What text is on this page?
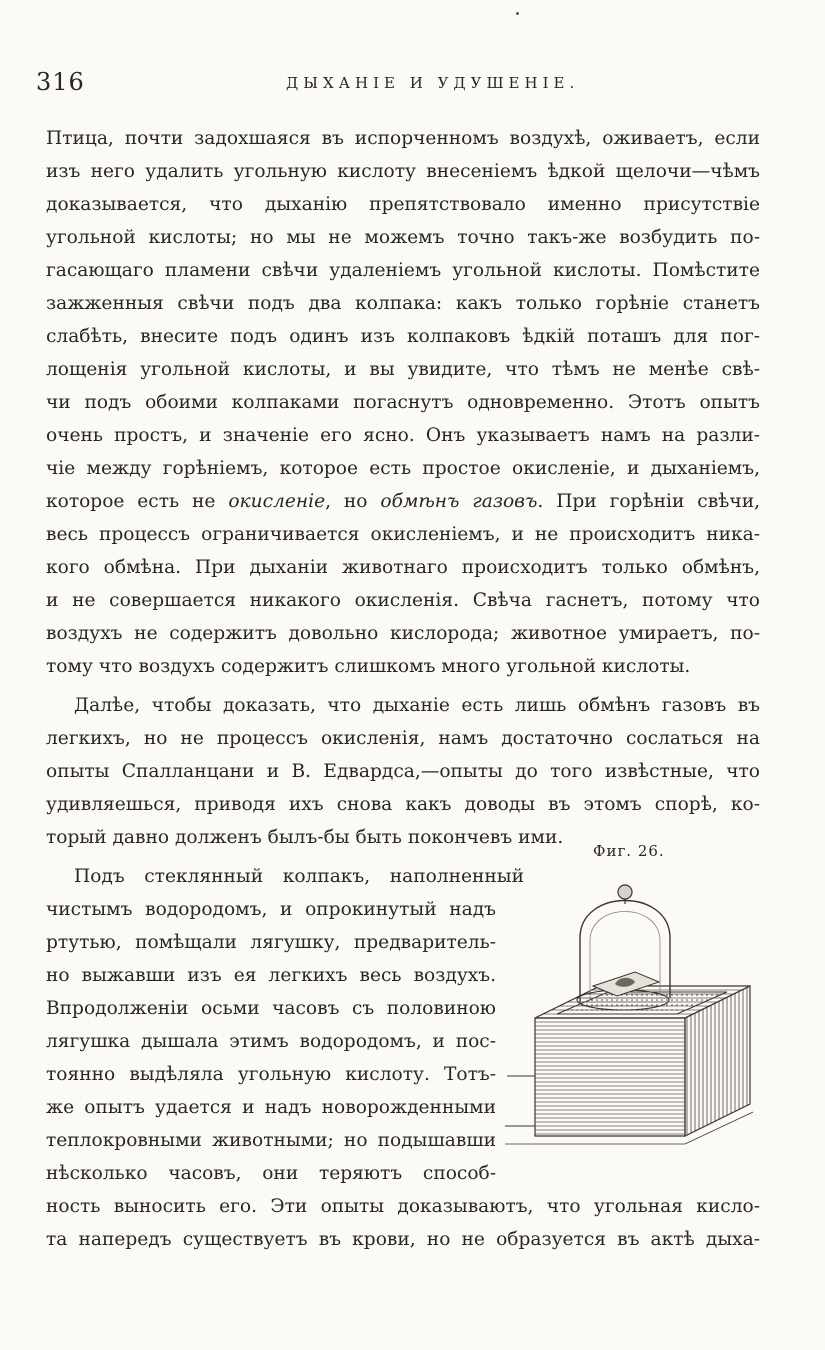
316	ДЫХАНІЕ И УДУШЕНІЕ.
Птица, почти задохшаяся въ испорченномъ воздухѣ, оживаетъ, если
изъ него удалить угольную кислоту внесеніемъ ѣдкой щелочи—чѣмъ
доказывается, что дыханію препятствовало именно присутствіе
угольной кислоты; но мы не можемъ точно такъ-же возбудить по-
гасающаго пламени свѣчи удаленіемъ угольной кислоты. Помѣстите
зажженныя свѣчи подъ два колпака: какъ только горѣніе станетъ
слабѣть, внесите подъ одинъ изъ колпаковъ ѣдкій поташъ для пог-
лощенія угольной кислоты, и вы увидите, что тѣмъ не менѣе свѣ-
чи подъ обоими колпаками погаснутъ одновременно. Этотъ опытъ
очень простъ, и значеніе его ясно. Онъ указываетъ намъ на разли-
чіе между горѣніемъ, которое есть простое окисленіе, и дыханіемъ,
которое есть не окисленіе, но обмѣнъ газовъ. При горѣніи свѣчи,
весь процессъ ограничивается окисленіемъ, и не происходитъ ника-
кого обмѣна. При дыханіи животнаго происходитъ только обмѣнъ,
и не совершается никакого окисленія. Свѣча гаснетъ, потому что
воздухъ не содержитъ довольно кислорода; животное умираетъ, по-
тому что воздухъ содержитъ слишкомъ много угольной кислоты.
Далѣе, чтобы доказать, что дыханіе есть лишь обмѣнъ газовъ въ
легкихъ, но не процессъ окисленія, намъ достаточно сослаться на
опыты Спалланцани и В. Едвардса,—опыты до того извѣстные, что
удивляешься, приводя ихъ снова какъ доводы въ этомъ спорѣ, ко-
торый давно долженъ былъ-бы быть покончевъ ими.
Подъ стеклянный колпакъ, наполненный
чистымъ водородомъ, и опрокинутый надъ
ртутью, помѣщали лягушку, предваритель-
но выжавши изъ ея легкихъ весь воздухъ.
Впродолженіи осьми часовъ съ половиною
лягушка дышала этимъ водородомъ, и пос-
тоянно выдѣляла угольную кислоту. Тотъ-
же опытъ удается и надъ новорожденными
теплокровными животными; но подышавши
нѣсколько часовъ, они теряютъ способ-
ность выносить его. Эти опыты доказываютъ, что угольная кисло-
та напередъ существуетъ въ крови, но не образуется въ актѣ дыха-
Фиг. 26.
